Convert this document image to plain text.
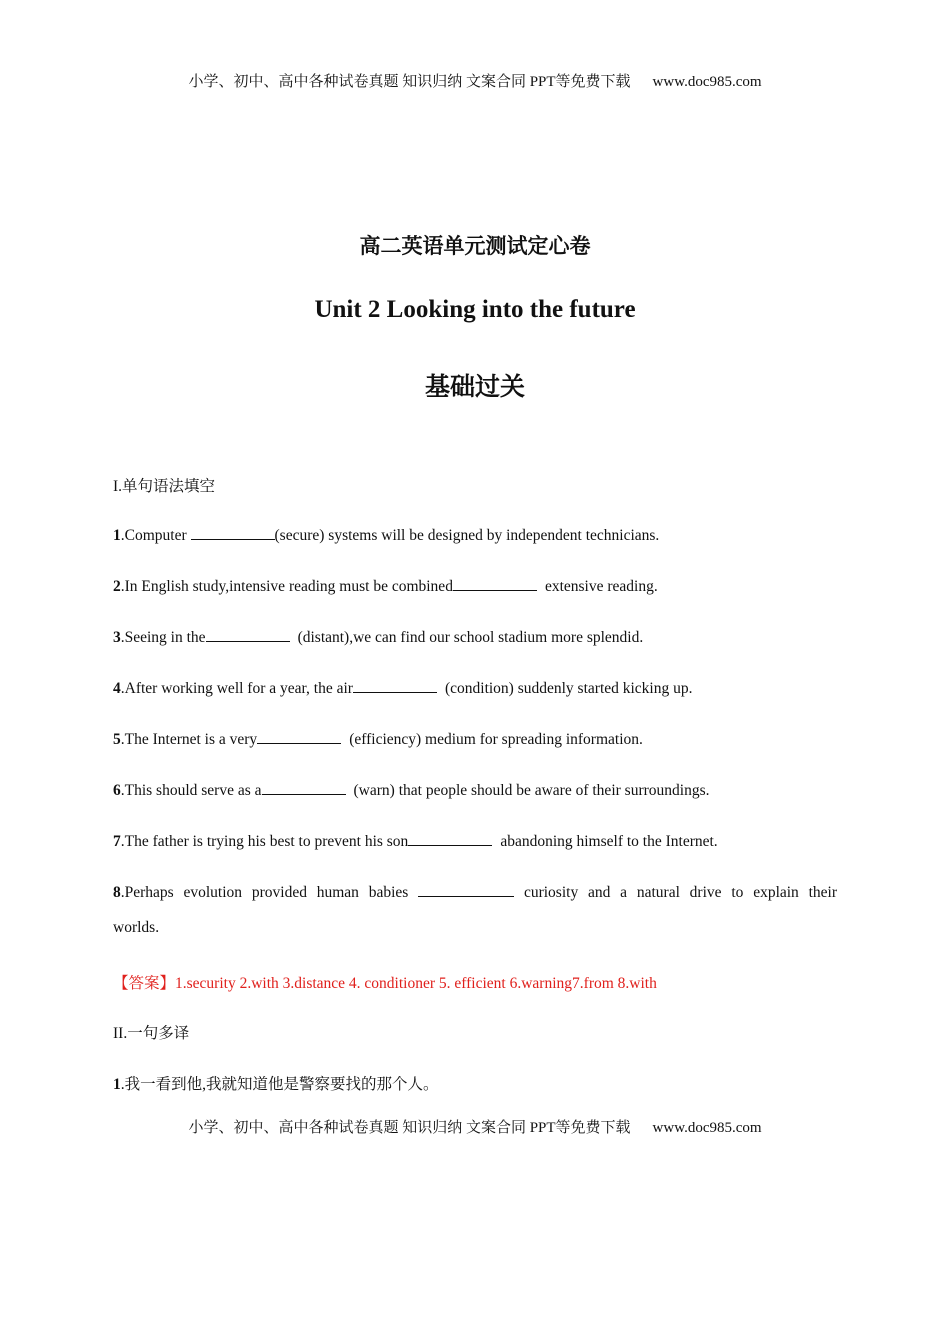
小学、初中、高中各种试卷真题 知识归纳 文案合同 PPT等免费下载 www.doc985.com
高二英语单元测试定心卷
Unit 2 Looking into the future
基础过关
I.单句语法填空
1.Computer	(secure) systems will be designed by independent technicians.
2.In English study,intensive reading must be combined	extensive reading.
3.Seeing in the	(distant),we can find our school stadium more splendid.
4.After working well for a year, the air	(condition) suddenly started kicking up.
5.The Internet is a very	(efficiency) medium for spreading information.
6.This should serve as a	(warn) that people should be aware of their surroundings.
7.The father is trying his best to prevent his son	abandoning himself to the Internet.
8.Perhaps evolution provided human babies	curiosity and a natural drive to explain their
worlds.
【答案】1.security 2.with 3.distance 4. conditioner 5. efficient 6.warning7.from 8.with
II.一句多译
1.我一看到他,我就知道他是警察要找的那个人。
小学、初中、高中各种试卷真题 知识归纳 文案合同 PPT等免费下载 www.doc985.com
